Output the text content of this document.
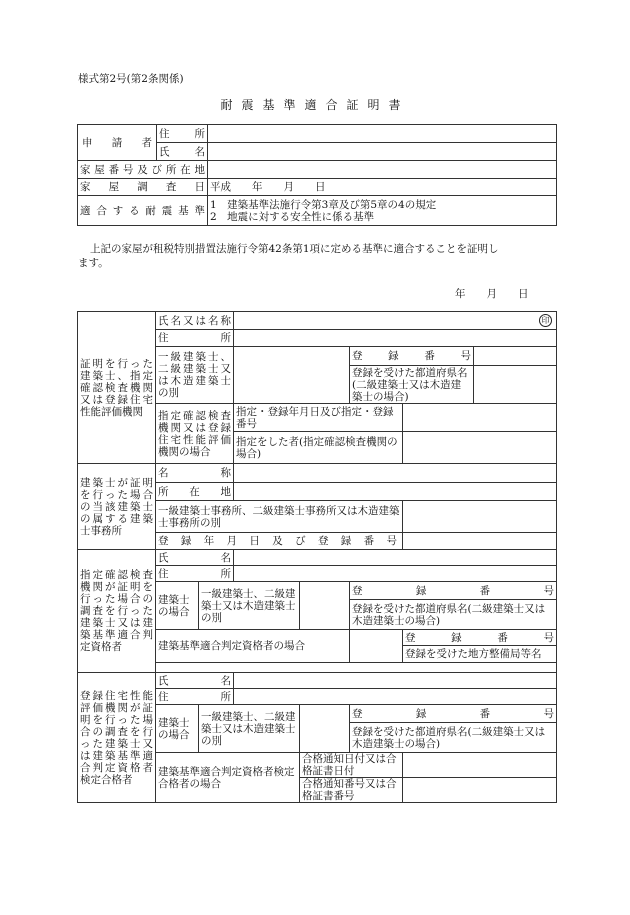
様式第2号(第2条関係)
耐震基準適合証明書
申　請　者	住　　所	
	氏　　名	
家屋番号及び所在地		
家　屋　調　査　日		平成　　年　　月　　日
適合する耐震基準		1　建築基準法施行令第3章及び第5章の4の規定
2　地震に対する安全性に係る基準
上記の家屋が租税特別措置法施行令第42条第1項に定める基準に適合することを証明し
ます。
年　　月　　日
証明を行った建築士、指定確認検査機関又は登録住宅性能評価機関	氏名又は名称		印				

	住　　所						
	一級建築士、二級建築士又は木造建築士の別				登　録　番　号		
					登録を受けた都道府県名(二級建築士又は木造建築士の場合)		

	指定確認検査機関又は登録住宅性能評価機関の場合		指定・登録年月日及び指定・登録番号				
			指定をした者(指定確認検査機関の場合)				

建築士が証明を行った場合の当該建築士の属する建築士事務所	名　　称						
	所　在　地						
	一級建築士事務所、二級建築士事務所又は木造建築士事務所の別						
	登録年月日及び登録番号						
指定確認検査機関が証明を行った場合の調査を行った建築士又は建築基準適合判定資格者	氏　　名						
	住　　所						
	建築士の場合	一級建築士、二級建築士又は木造建築士の別			登　録　番　号		
					登録を受けた都道府県名(二級建築士又は木造建築士の場合)		

	建築基準適合判定資格者の場合					登　録　番　号	
						登録を受けた地方整備局等名	

登録住宅性能評価機関が証明を行った場合の調査を行った建築士又は建築基準適合判定資格者検定合格者	氏　　名						
	住　　所						
	建築士の場合	一級建築士、二級建築士又は木造建築士の別			登　録　番　号		
					登録を受けた都道府県名(二級建築士又は木造建築士の場合)		

	建築基準適合判定資格者検定合格者の場合			合格通知日付又は合格証書日付			
				合格通知番号又は合格証書番号			
